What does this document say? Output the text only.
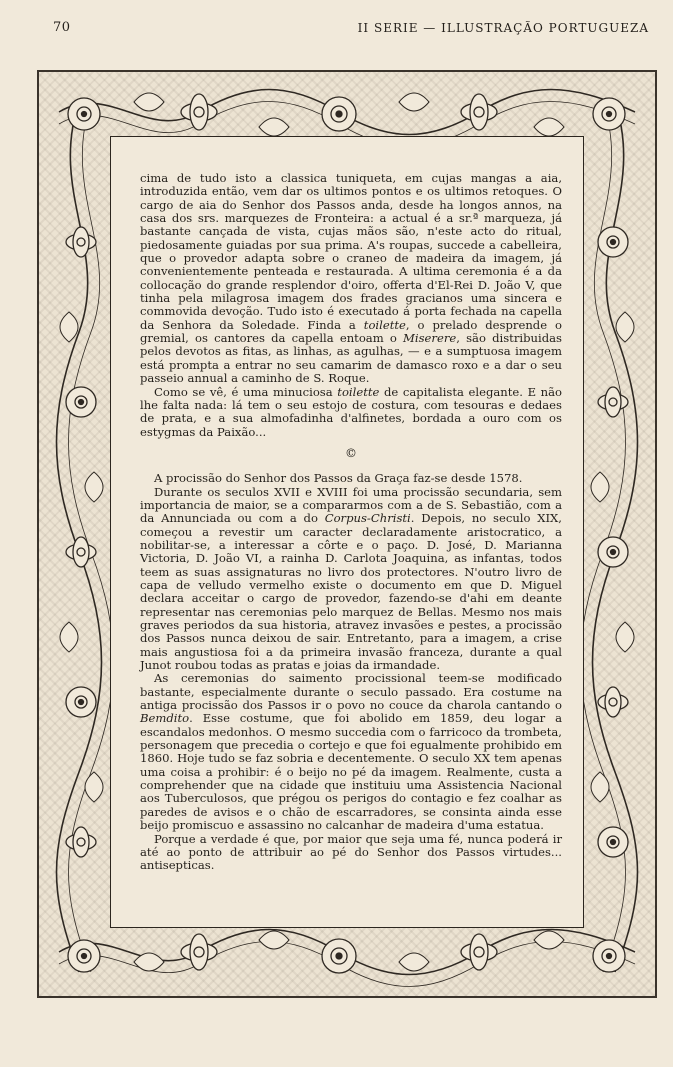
70	II SERIE — ILLUSTRAÇÃO PORTUGUEZA

cima de tudo isto a classica tuniqueta, em cujas mangas a aia, introduzida então, vem dar os ultimos pontos e os ultimos retoques. O cargo de aia do Senhor dos Passos anda, desde ha longos annos, na casa dos srs. marquezes de Fronteira: a actual é a sr.ª marqueza, já bastante cançada de vista, cujas mãos são, n'este acto do ritual, piedosamente guiadas por sua prima. A's roupas, succede a cabelleira, que o provedor adapta sobre o craneo de madeira da imagem, já convenientemente penteada e restaurada. A ultima ceremonia é a da collocação do grande resplendor d'oiro, offerta d'El-Rei D. João V, que tinha pela milagrosa imagem dos frades gracianos uma sincera e commovida devoção. Tudo isto é executado á porta fechada na capella da Senhora da Soledade. Finda a toilette, o prelado desprende o gremial, os cantores da capella entoam o Miserere, são distribuidas pelos devotos as fitas, as linhas, as agulhas, — e a sumptuosa imagem está prompta a entrar no seu camarim de damasco roxo e a dar o seu passeio annual a caminho de S. Roque.

Como se vê, é uma minuciosa toilette de capitalista elegante. E não lhe falta nada: lá tem o seu estojo de costura, com tesouras e dedaes de prata, e a sua almofadinha d'alfinetes, bordada a ouro com os estygmas da Paixão...

©

A procissão do Senhor dos Passos da Graça faz-se desde 1578.

Durante os seculos XVII e XVIII foi uma procissão secundaria, sem importancia de maior, se a compararmos com a de S. Sebastião, com a da Annunciada ou com a do Corpus-Christi. Depois, no seculo XIX, começou a revestir um caracter declaradamente aristocratico, a nobilitar-se, a interessar a côrte e o paço. D. José, D. Marianna Victoria, D. João VI, a rainha D. Carlota Joaquina, as infantas, todos teem as suas assignaturas no livro dos protectores. N'outro livro de capa de velludo vermelho existe o documento em que D. Miguel declara acceitar o cargo de provedor, fazendo-se d'ahi em deante representar nas ceremonias pelo marquez de Bellas. Mesmo nos mais graves periodos da sua historia, atravez invasões e pestes, a procissão dos Passos nunca deixou de sair. Entretanto, para a imagem, a crise mais angustiosa foi a da primeira invasão franceza, durante a qual Junot roubou todas as pratas e joias da irmandade.

As ceremonias do saimento procissional teem-se modificado bastante, especialmente durante o seculo passado. Era costume na antiga procissão dos Passos ir o povo no couce da charola cantando o Bemdito. Esse costume, que foi abolido em 1859, deu logar a escandalos medonhos. O mesmo succedia com o farricoco da trombeta, personagem que precedia o cortejo e que foi egualmente prohibido em 1860. Hoje tudo se faz sobria e decentemente. O seculo XX tem apenas uma coisa a prohibir: é o beijo no pé da imagem. Realmente, custa a comprehender que na cidade que instituiu uma Assistencia Nacional aos Tuberculosos, que prégou os perigos do contagio e fez coalhar as paredes de avisos e o chão de escarradores, se consinta ainda esse beijo promiscuo e assassino no calcanhar de madeira d'uma estatua.

Porque a verdade é que, por maior que seja uma fé, nunca poderá ir até ao ponto de attribuir ao pé do Senhor dos Passos virtudes... antisepticas.
